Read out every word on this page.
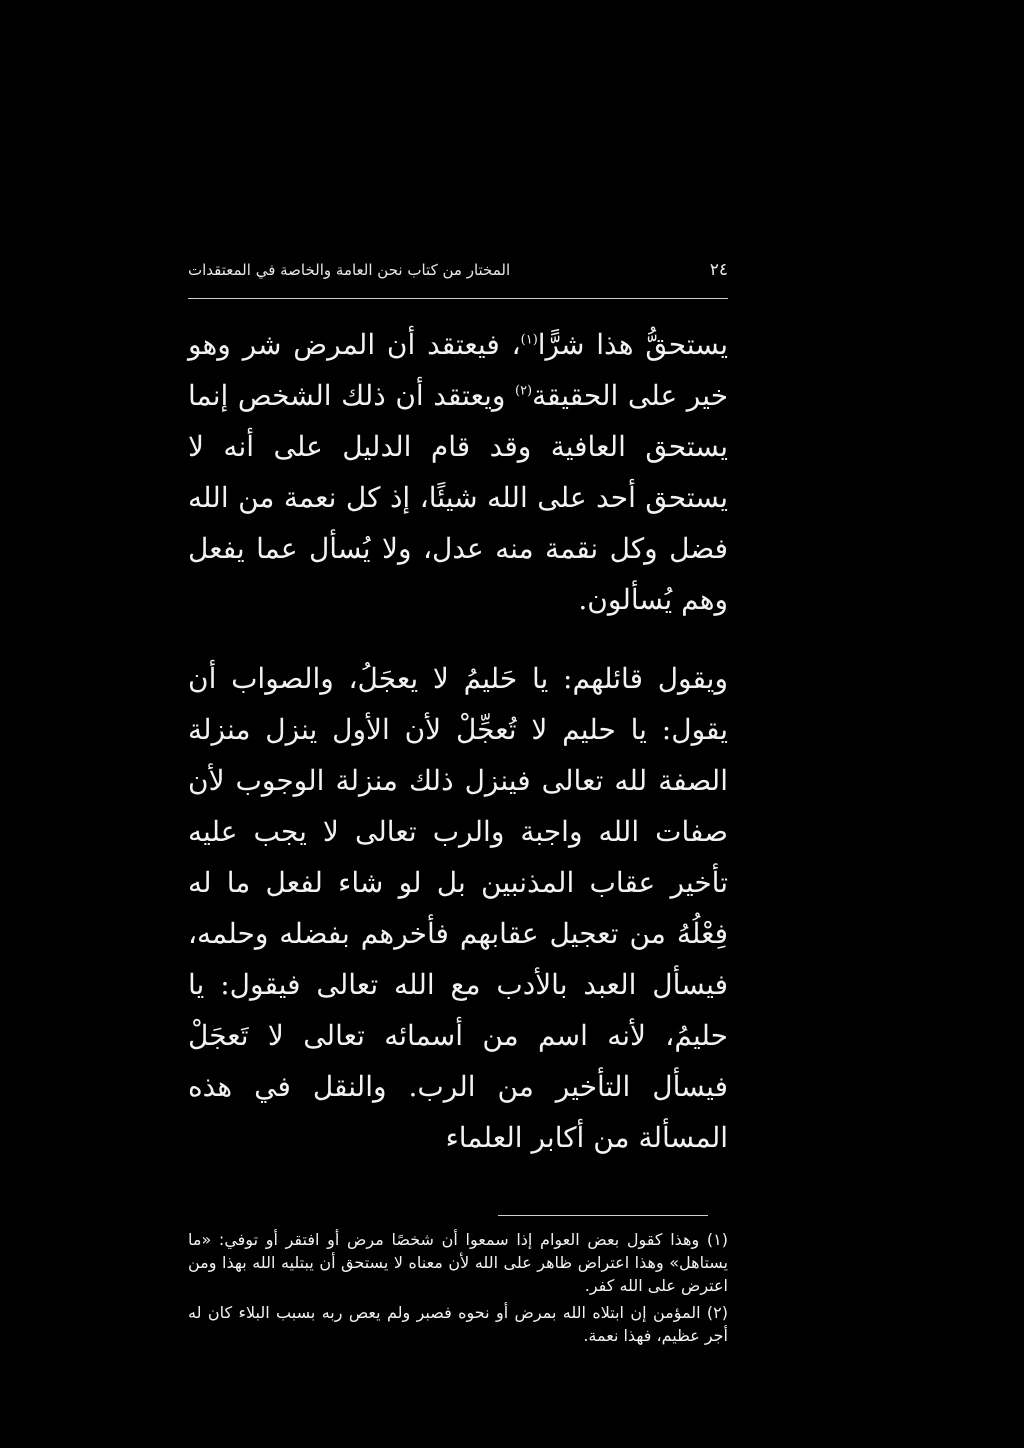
٢٤
المختار من كتاب نحن العامة والخاصة في المعتقدات

يستحقُّ هذا شرًّا$^{(١)}$، فيعتقد أن المرض شر وهو خير على الحقيقة$^{(٢)}$ ويعتقد أن ذلك الشخص إنما يستحق العافية وقد قام الدليل على أنه لا يستحق أحد على الله شيئًا، إذ كل نعمة من الله فضل وكل نقمة منه عدل، ولا يُسأل عما يفعل وهم يُسألون.

ويقول قائلهم: يا حَليمُ لا يعجَلُ، والصواب أن يقول: يا حليم لا تُعجِّلْ لأن الأول ينزل منزلة الصفة لله تعالى فينزل ذلك منزلة الوجوب لأن صفات الله واجبة والرب تعالى لا يجب عليه تأخير عقاب المذنبين بل لو شاء لفعل ما له فِعْلُهُ من تعجيل عقابهم فأخرهم بفضله وحلمه، فيسأل العبد بالأدب مع الله تعالى فيقول: يا حليمُ، لأنه اسم من أسمائه تعالى لا تَعجَلْ فيسأل التأخير من الرب. والنقل في هذه المسألة من أكابر العلماء

(١) وهذا كقول بعض العوام إذا سمعوا أن شخصًا مرض أو افتقر أو توفي: «ما يستاهل» وهذا اعتراض ظاهر على الله لأن معناه لا يستحق أن يبتليه الله بهذا ومن اعترض على الله كفر.

(٢) المؤمن إن ابتلاه الله بمرض أو نحوه فصبر ولم يعص ربه بسبب البلاء كان له أجر عظيم، فهذا نعمة.
